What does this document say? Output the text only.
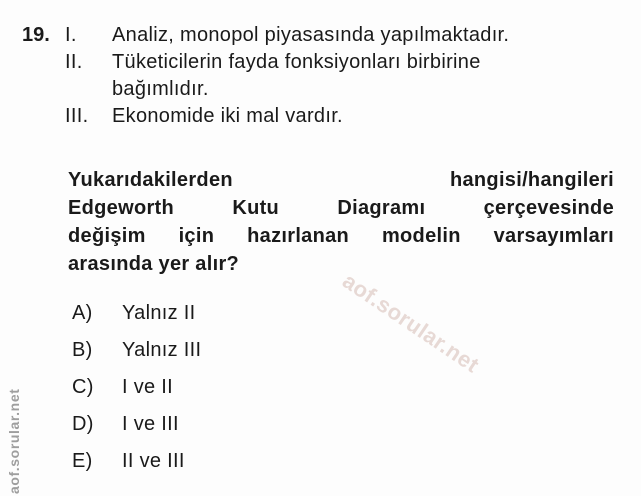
aof.sorular.net
aof.sorular.net
19. I.	Analiz, monopol piyasasında yapılmaktadır.
II.	Tüketicilerin fayda fonksiyonları birbirine
bağımlıdır.
III.	Ekonomide iki mal vardır.
Yukarıdakilerden hangisi/hangileri
Edgeworth Kutu Diagramı çerçevesinde
değişim için hazırlanan modelin varsayımları
arasında yer alır?
A)	Yalnız II
B)	Yalnız III
C)	I ve II
D)	I ve III
E)	II ve III
